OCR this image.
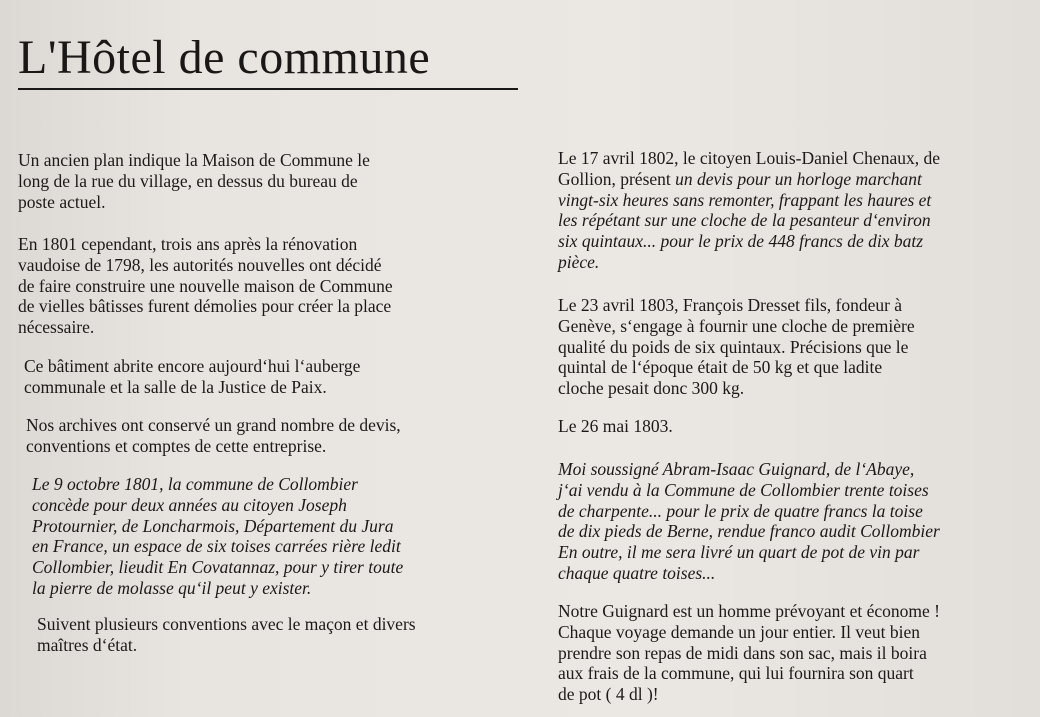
L'Hôtel de commune

Un ancien plan indique la Maison de Commune le
long de la rue du village, en dessus du bureau de
poste actuel.

En 1801 cependant, trois ans après la rénovation
vaudoise de 1798, les autorités nouvelles ont décidé
de faire construire une nouvelle maison de Commune
de vielles bâtisses furent démolies pour créer la place
nécessaire.

Ce bâtiment abrite encore aujourd‘hui l‘auberge
communale et la salle de la Justice de Paix.

Nos archives ont conservé un grand nombre de devis,
conventions et comptes de cette entreprise.

Le 9 octobre 1801, la commune de Collombier
concède pour deux années au citoyen Joseph
Protournier, de Loncharmois, Département du Jura
en France, un espace de six toises carrées rière ledit
Collombier, lieudit En Covatannaz, pour y tirer toute
la pierre de molasse qu‘il peut y exister.

Suivent plusieurs conventions avec le maçon et divers
maîtres d‘état.

Le 17 avril 1802, le citoyen Louis-Daniel Chenaux, de
Gollion, présent un devis pour un horloge marchant
vingt-six heures sans remonter, frappant les haures et
les répétant sur une cloche de la pesanteur d‘environ
six quintaux... pour le prix de 448 francs de dix batz
pièce.

Le 23 avril 1803, François Dresset fils, fondeur à
Genève, s‘engage à fournir une cloche de première
qualité du poids de six quintaux. Précisions que le
quintal de l‘époque était de 50 kg et que ladite
cloche pesait donc 300 kg.

Le 26 mai 1803.

Moi soussigné Abram-Isaac Guignard, de l‘Abaye,
j‘ai vendu à la Commune de Collombier trente toises
de charpente... pour le prix de quatre francs la toise
de dix pieds de Berne, rendue franco audit Collombier
En outre, il me sera livré un quart de pot de vin par
chaque quatre toises...

Notre Guignard est un homme prévoyant et économe !
Chaque voyage demande un jour entier. Il veut bien
prendre son repas de midi dans son sac, mais il boira
aux frais de la commune, qui lui fournira son quart
de pot ( 4 dl )!
